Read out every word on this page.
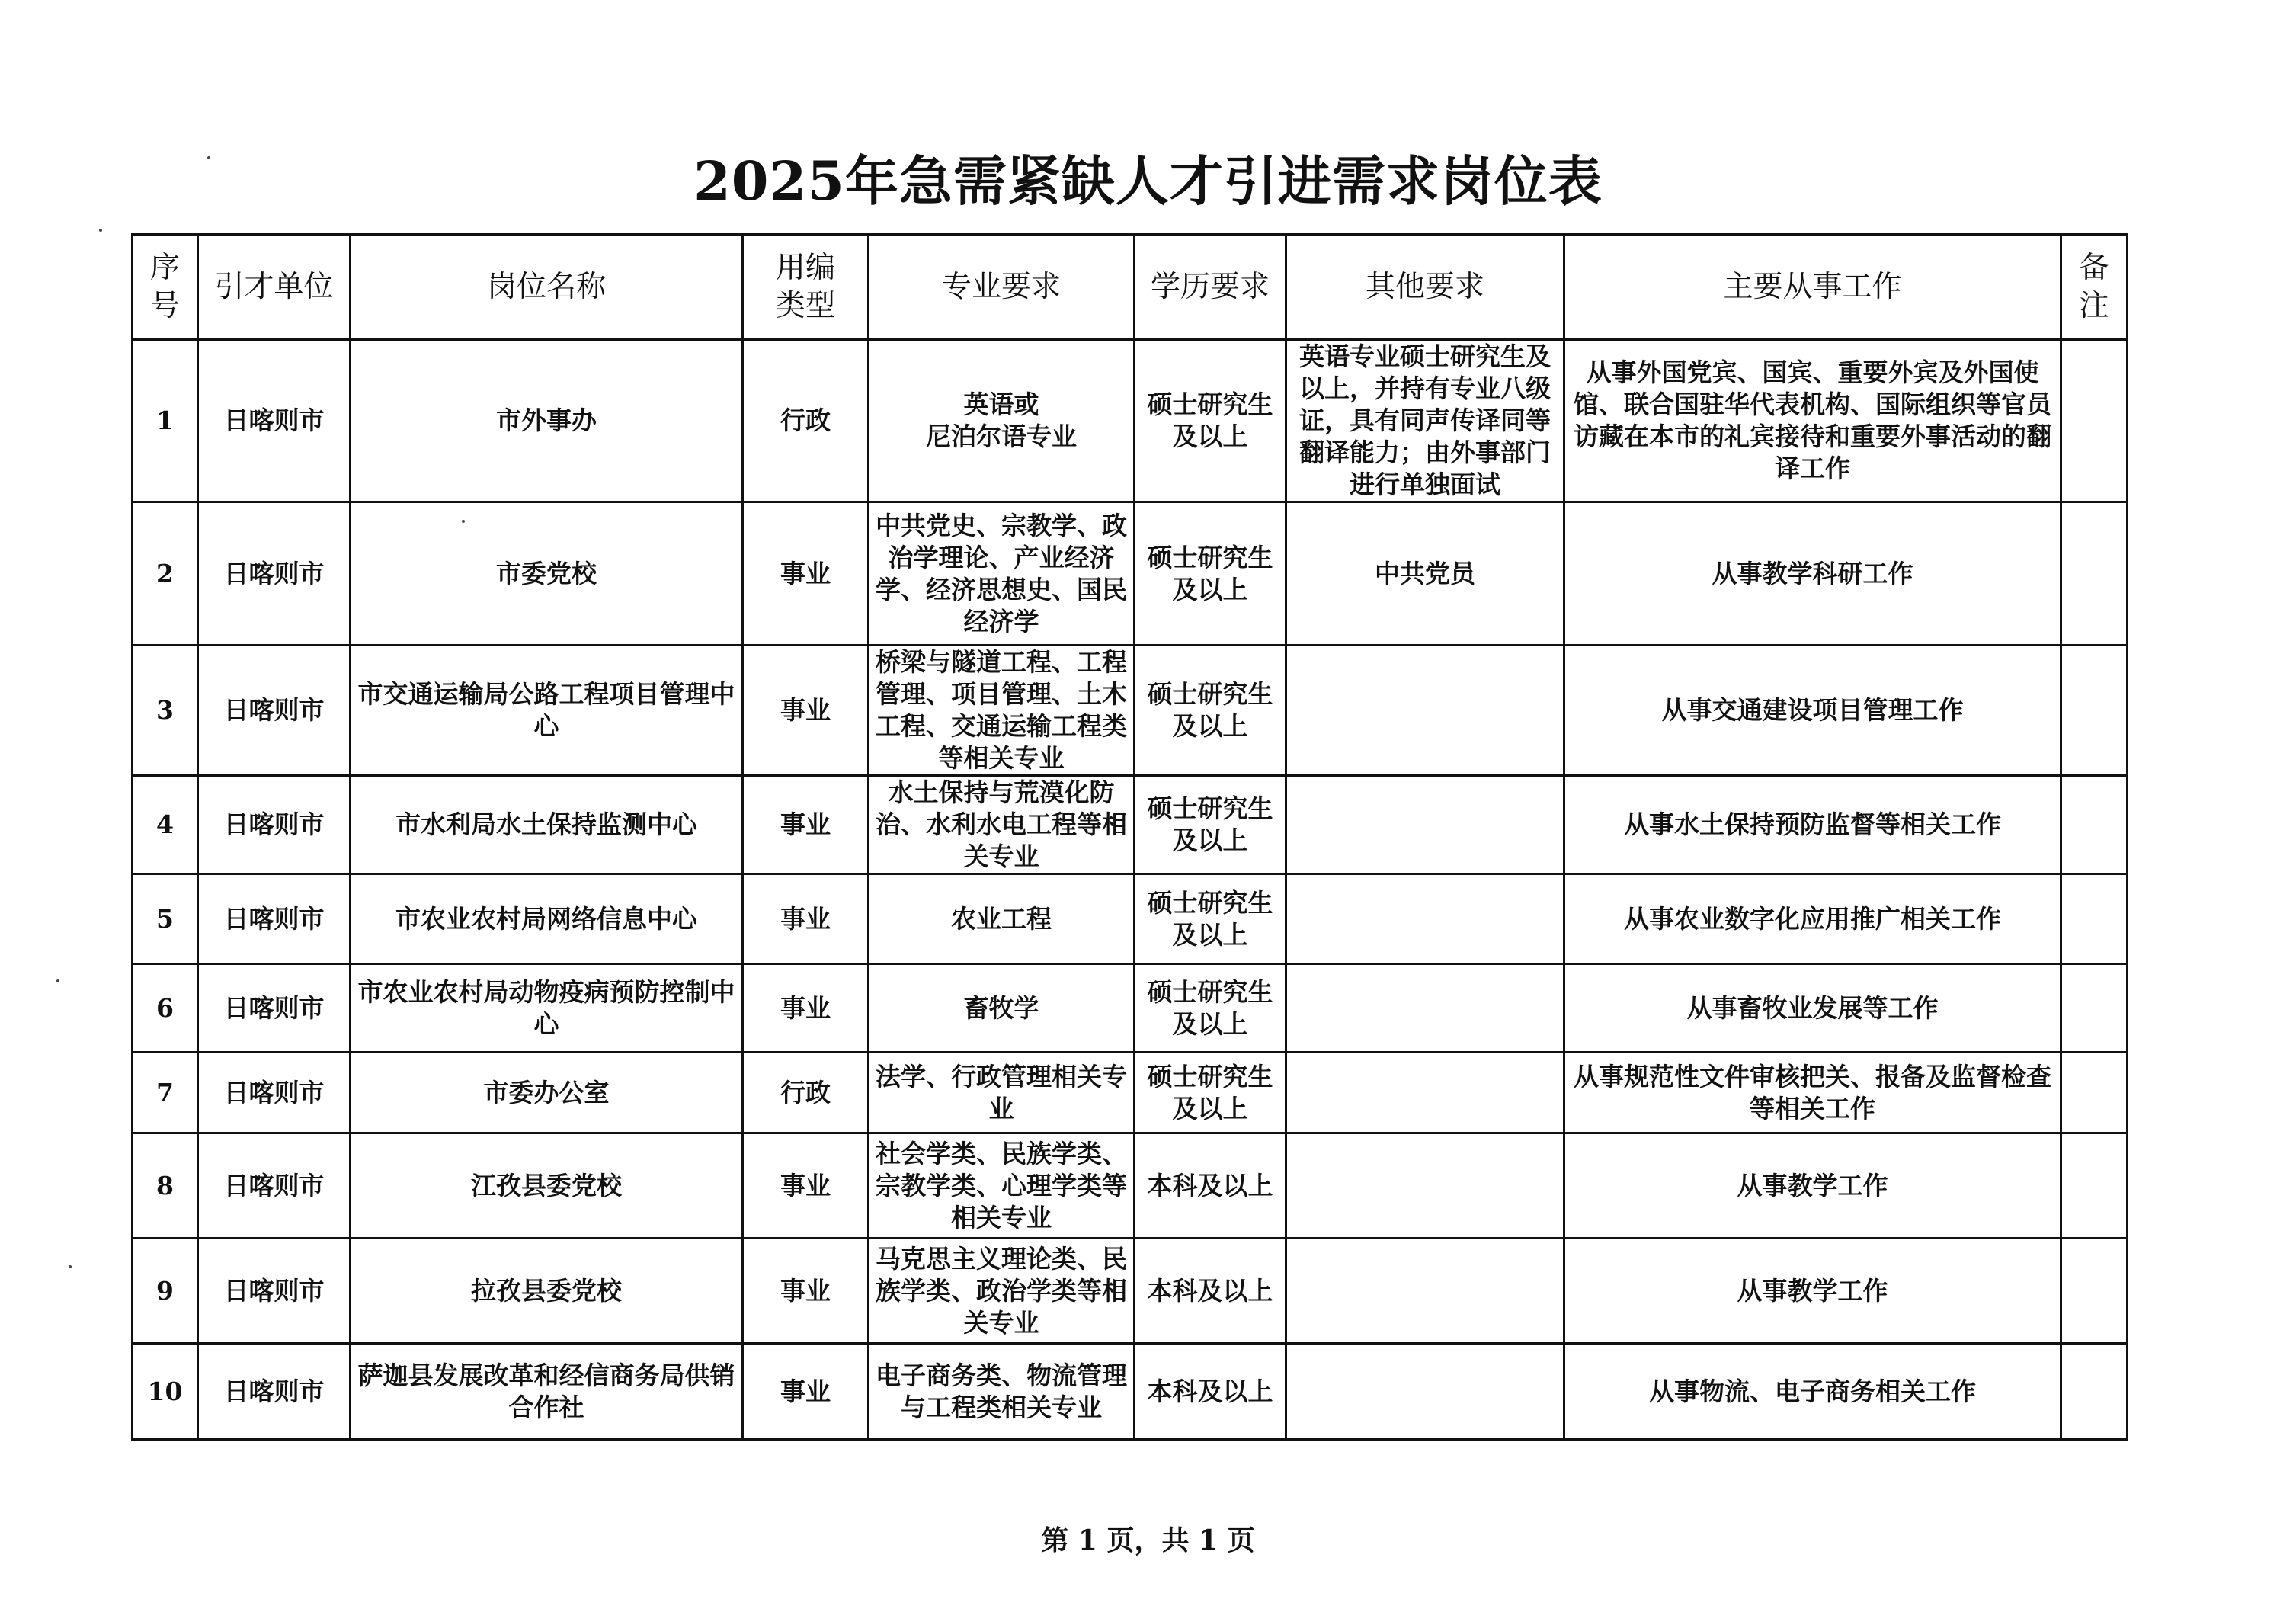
2025年急需紧缺人才引进需求岗位表
序
号	引才单位	岗位名称	用编
类型	专业要求	学历要求	其他要求	主要从事工作	备
注
1	日喀则市	市外事办	行政	英语或
尼泊尔语专业	硕士研究生
及以上	英语专业硕士研究生及以上，并持有专业八级证，具有同声传译同等翻译能力；由外事部门进行单独面试	从事外国党宾、国宾、重要外宾及外国使馆、联合国驻华代表机构、国际组织等官员访藏在本市的礼宾接待和重要外事活动的翻译工作	
2	日喀则市	市委党校	事业	中共党史、宗教学、政治学理论、产业经济学、经济思想史、国民经济学	硕士研究生
及以上	中共党员	从事教学科研工作	
3	日喀则市	市交通运输局公路工程项目管理中心	事业	桥梁与隧道工程、工程管理、项目管理、土木工程、交通运输工程类等相关专业	硕士研究生
及以上		从事交通建设项目管理工作	
4	日喀则市	市水利局水土保持监测中心	事业	水土保持与荒漠化防治、水利水电工程等相关专业	硕士研究生
及以上		从事水土保持预防监督等相关工作	
5	日喀则市	市农业农村局网络信息中心	事业	农业工程	硕士研究生
及以上		从事农业数字化应用推广相关工作	
6	日喀则市	市农业农村局动物疫病预防控制中心	事业	畜牧学	硕士研究生
及以上		从事畜牧业发展等工作	
7	日喀则市	市委办公室	行政	法学、行政管理相关专业	硕士研究生
及以上		从事规范性文件审核把关、报备及监督检查等相关工作	
8	日喀则市	江孜县委党校	事业	社会学类、民族学类、宗教学类、心理学类等相关专业	本科及以上		从事教学工作	
9	日喀则市	拉孜县委党校	事业	马克思主义理论类、民族学类、政治学类等相关专业	本科及以上		从事教学工作	
10	日喀则市	萨迦县发展改革和经信商务局供销合作社	事业	电子商务类、物流管理与工程类相关专业	本科及以上		从事物流、电子商务相关工作	
第 1 页，共 1 页
